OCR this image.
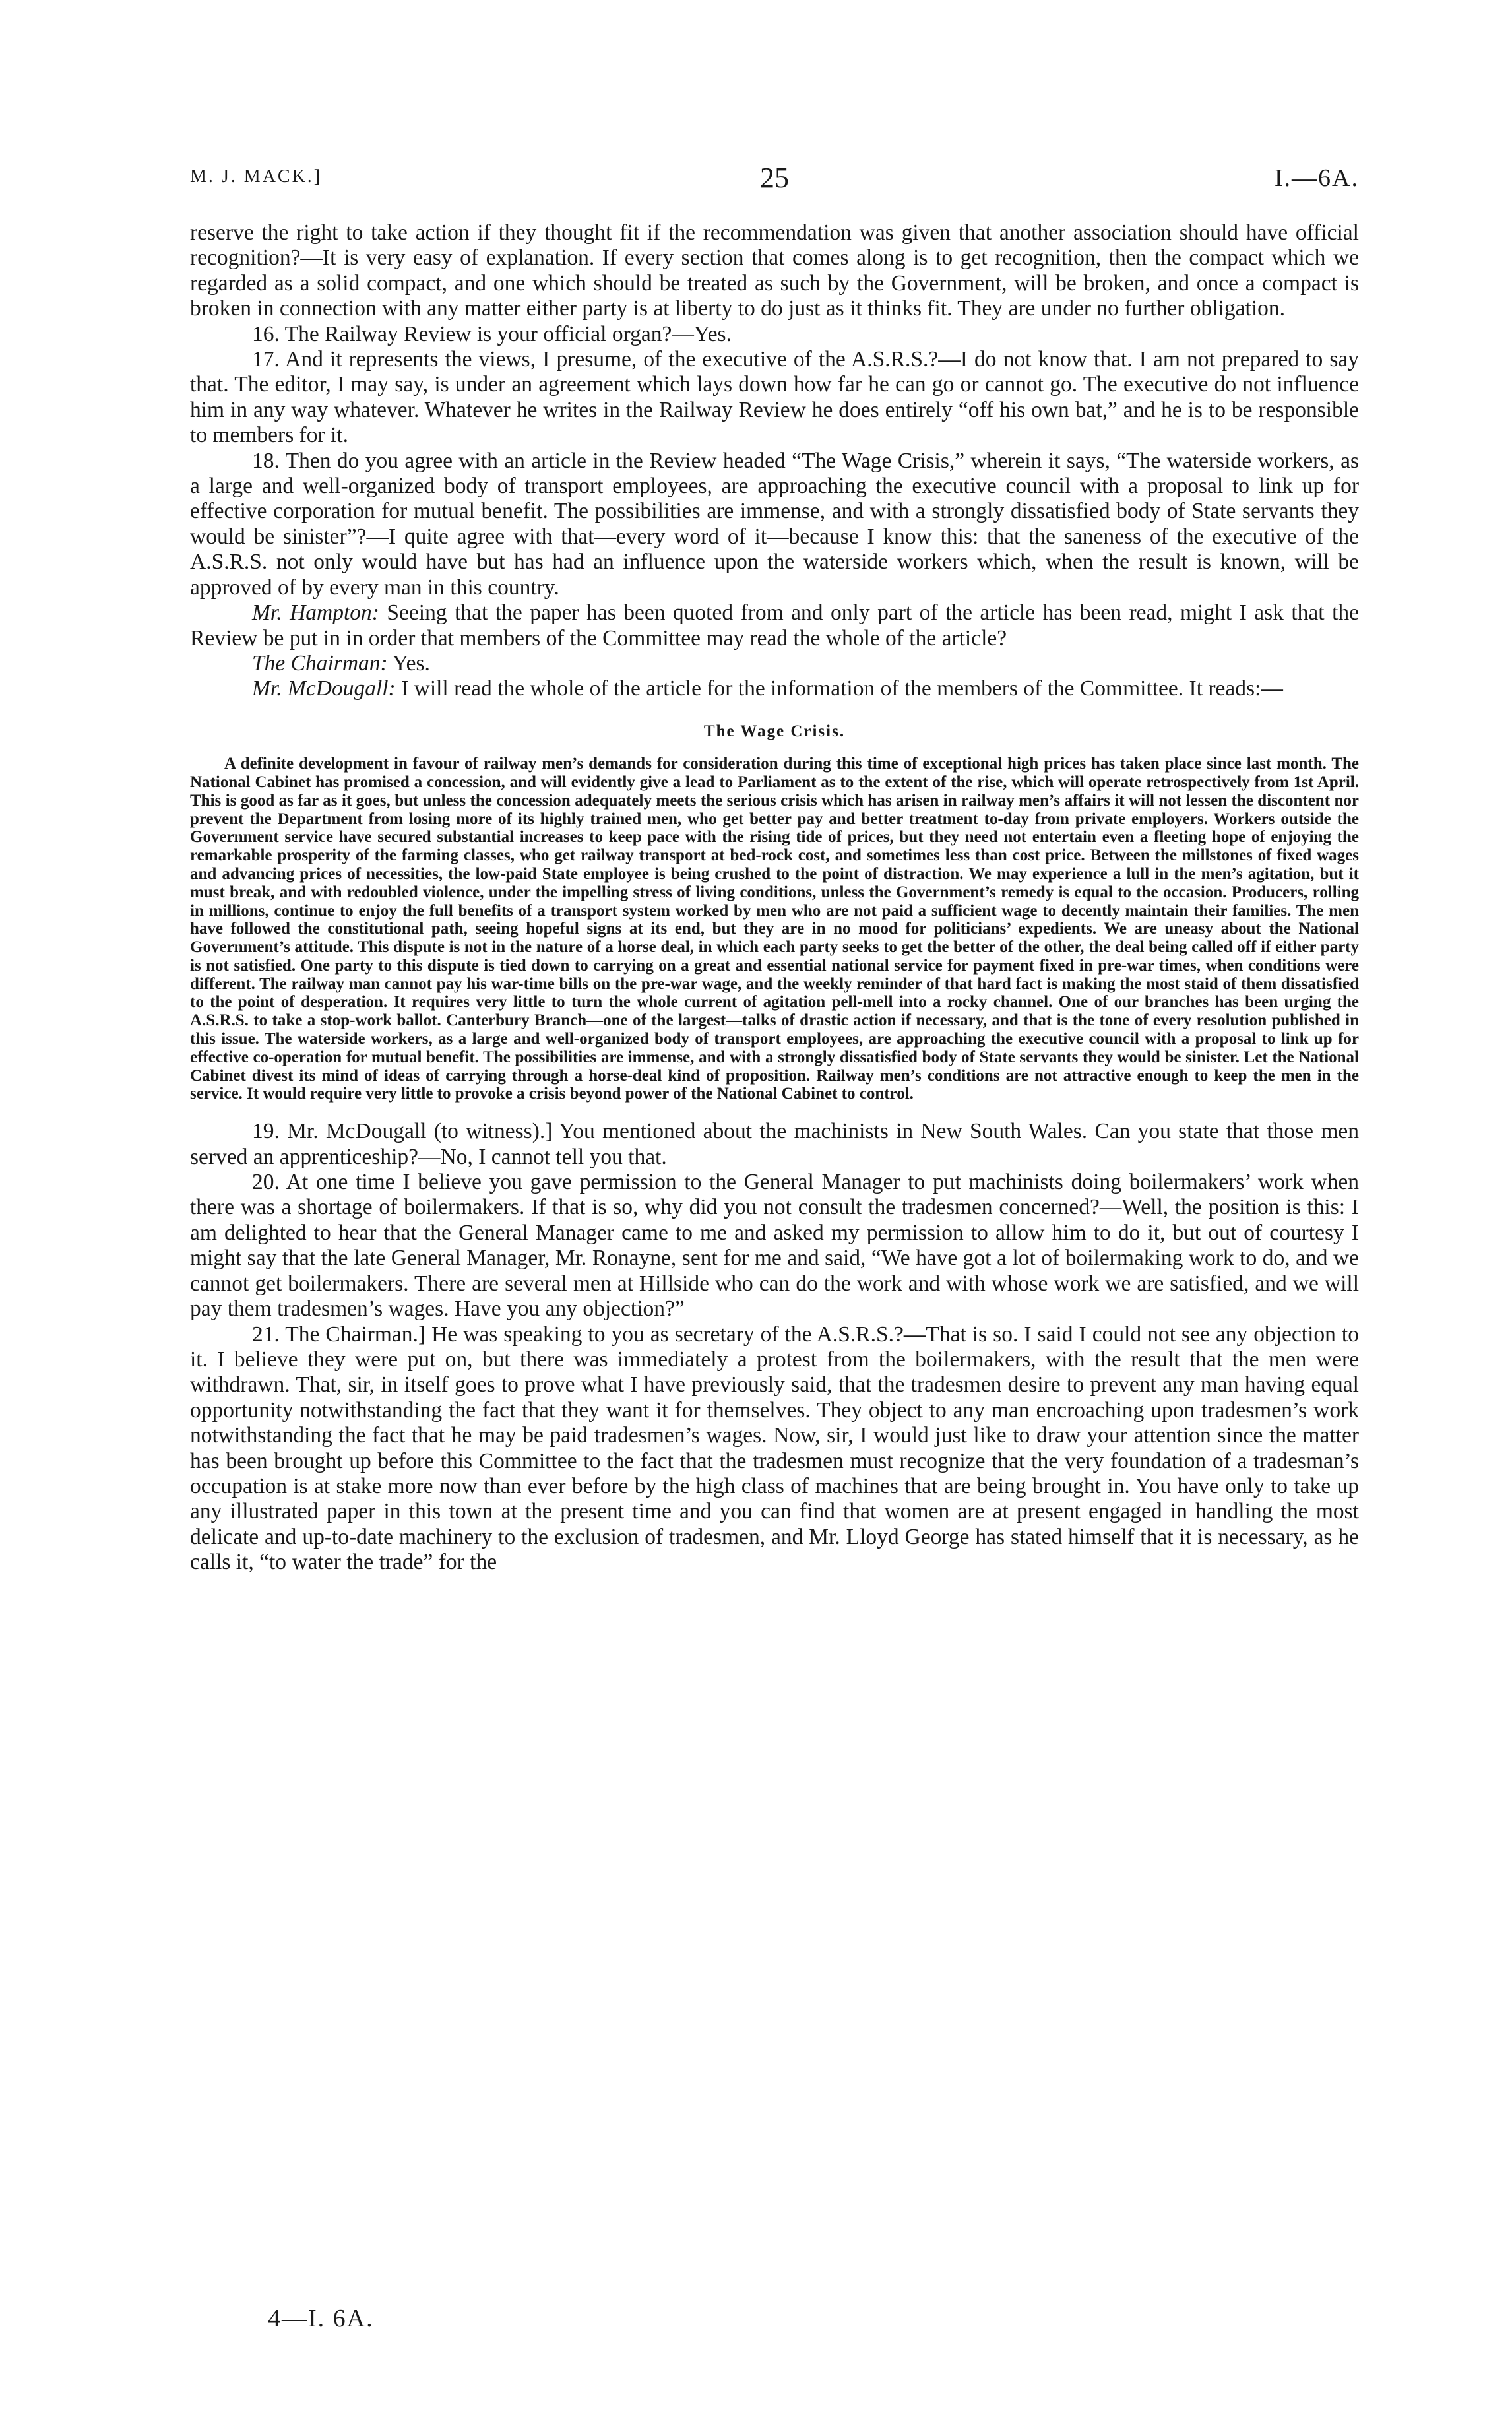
M. J. MACK.]	25	I.—6A.

reserve the right to take action if they thought fit if the recommendation was given that another association should have official recognition?—It is very easy of explanation. If every section that comes along is to get recognition, then the compact which we regarded as a solid compact, and one which should be treated as such by the Government, will be broken, and once a compact is broken in connection with any matter either party is at liberty to do just as it thinks fit. They are under no further obligation.

16. The Railway Review is your official organ?—Yes.

17. And it represents the views, I presume, of the executive of the A.S.R.S.?—I do not know that. I am not prepared to say that. The editor, I may say, is under an agreement which lays down how far he can go or cannot go. The executive do not influence him in any way whatever. Whatever he writes in the Railway Review he does entirely “off his own bat,” and he is to be responsible to members for it.

18. Then do you agree with an article in the Review headed “The Wage Crisis,” wherein it says, “The waterside workers, as a large and well-organized body of transport employees, are approaching the executive council with a proposal to link up for effective corporation for mutual benefit. The possibilities are immense, and with a strongly dissatisfied body of State servants they would be sinister”?—I quite agree with that—every word of it—because I know this: that the saneness of the executive of the A.S.R.S. not only would have but has had an influence upon the waterside workers which, when the result is known, will be approved of by every man in this country.

Mr. Hampton: Seeing that the paper has been quoted from and only part of the article has been read, might I ask that the Review be put in in order that members of the Committee may read the whole of the article?

The Chairman: Yes.

Mr. McDougall: I will read the whole of the article for the information of the members of the Committee. It reads:—

The Wage Crisis.

A definite development in favour of railway men’s demands for consideration during this time of exceptional high prices has taken place since last month. The National Cabinet has promised a concession, and will evidently give a lead to Parliament as to the extent of the rise, which will operate retrospectively from 1st April. This is good as far as it goes, but unless the concession adequately meets the serious crisis which has arisen in railway men’s affairs it will not lessen the discontent nor prevent the Department from losing more of its highly trained men, who get better pay and better treatment to-day from private employers. Workers outside the Government service have secured substantial increases to keep pace with the rising tide of prices, but they need not entertain even a fleeting hope of enjoying the remarkable prosperity of the farming classes, who get railway transport at bed-rock cost, and sometimes less than cost price. Between the millstones of fixed wages and advancing prices of necessities, the low-paid State employee is being crushed to the point of distraction. We may experience a lull in the men’s agitation, but it must break, and with redoubled violence, under the impelling stress of living conditions, unless the Government’s remedy is equal to the occasion. Producers, rolling in millions, continue to enjoy the full benefits of a transport system worked by men who are not paid a sufficient wage to decently maintain their families. The men have followed the constitutional path, seeing hopeful signs at its end, but they are in no mood for politicians’ expedients. We are uneasy about the National Government’s attitude. This dispute is not in the nature of a horse deal, in which each party seeks to get the better of the other, the deal being called off if either party is not satisfied. One party to this dispute is tied down to carrying on a great and essential national service for payment fixed in pre-war times, when conditions were different. The railway man cannot pay his war-time bills on the pre-war wage, and the weekly reminder of that hard fact is making the most staid of them dissatisfied to the point of desperation. It requires very little to turn the whole current of agitation pell-mell into a rocky channel. One of our branches has been urging the A.S.R.S. to take a stop-work ballot. Canterbury Branch—one of the largest—talks of drastic action if necessary, and that is the tone of every resolution published in this issue. The waterside workers, as a large and well-organized body of transport employees, are approaching the executive council with a proposal to link up for effective co-operation for mutual benefit. The possibilities are immense, and with a strongly dissatisfied body of State servants they would be sinister. Let the National Cabinet divest its mind of ideas of carrying through a horse-deal kind of proposition. Railway men’s conditions are not attractive enough to keep the men in the service. It would require very little to provoke a crisis beyond power of the National Cabinet to control.

19. Mr. McDougall (to witness).] You mentioned about the machinists in New South Wales. Can you state that those men served an apprenticeship?—No, I cannot tell you that.

20. At one time I believe you gave permission to the General Manager to put machinists doing boilermakers’ work when there was a shortage of boilermakers. If that is so, why did you not consult the tradesmen concerned?—Well, the position is this: I am delighted to hear that the General Manager came to me and asked my permission to allow him to do it, but out of courtesy I might say that the late General Manager, Mr. Ronayne, sent for me and said, “We have got a lot of boilermaking work to do, and we cannot get boilermakers. There are several men at Hillside who can do the work and with whose work we are satisfied, and we will pay them tradesmen’s wages. Have you any objection?”

21. The Chairman.] He was speaking to you as secretary of the A.S.R.S.?—That is so. I said I could not see any objection to it. I believe they were put on, but there was immediately a protest from the boilermakers, with the result that the men were withdrawn. That, sir, in itself goes to prove what I have previously said, that the tradesmen desire to prevent any man having equal opportunity notwithstanding the fact that they want it for themselves. They object to any man encroaching upon tradesmen’s work notwithstanding the fact that he may be paid tradesmen’s wages. Now, sir, I would just like to draw your attention since the matter has been brought up before this Committee to the fact that the tradesmen must recognize that the very foundation of a tradesman’s occupation is at stake more now than ever before by the high class of machines that are being brought in. You have only to take up any illustrated paper in this town at the present time and you can find that women are at present engaged in handling the most delicate and up-to-date machinery to the exclusion of tradesmen, and Mr. Lloyd George has stated himself that it is necessary, as he calls it, “to water the trade” for the

4—I. 6A.
